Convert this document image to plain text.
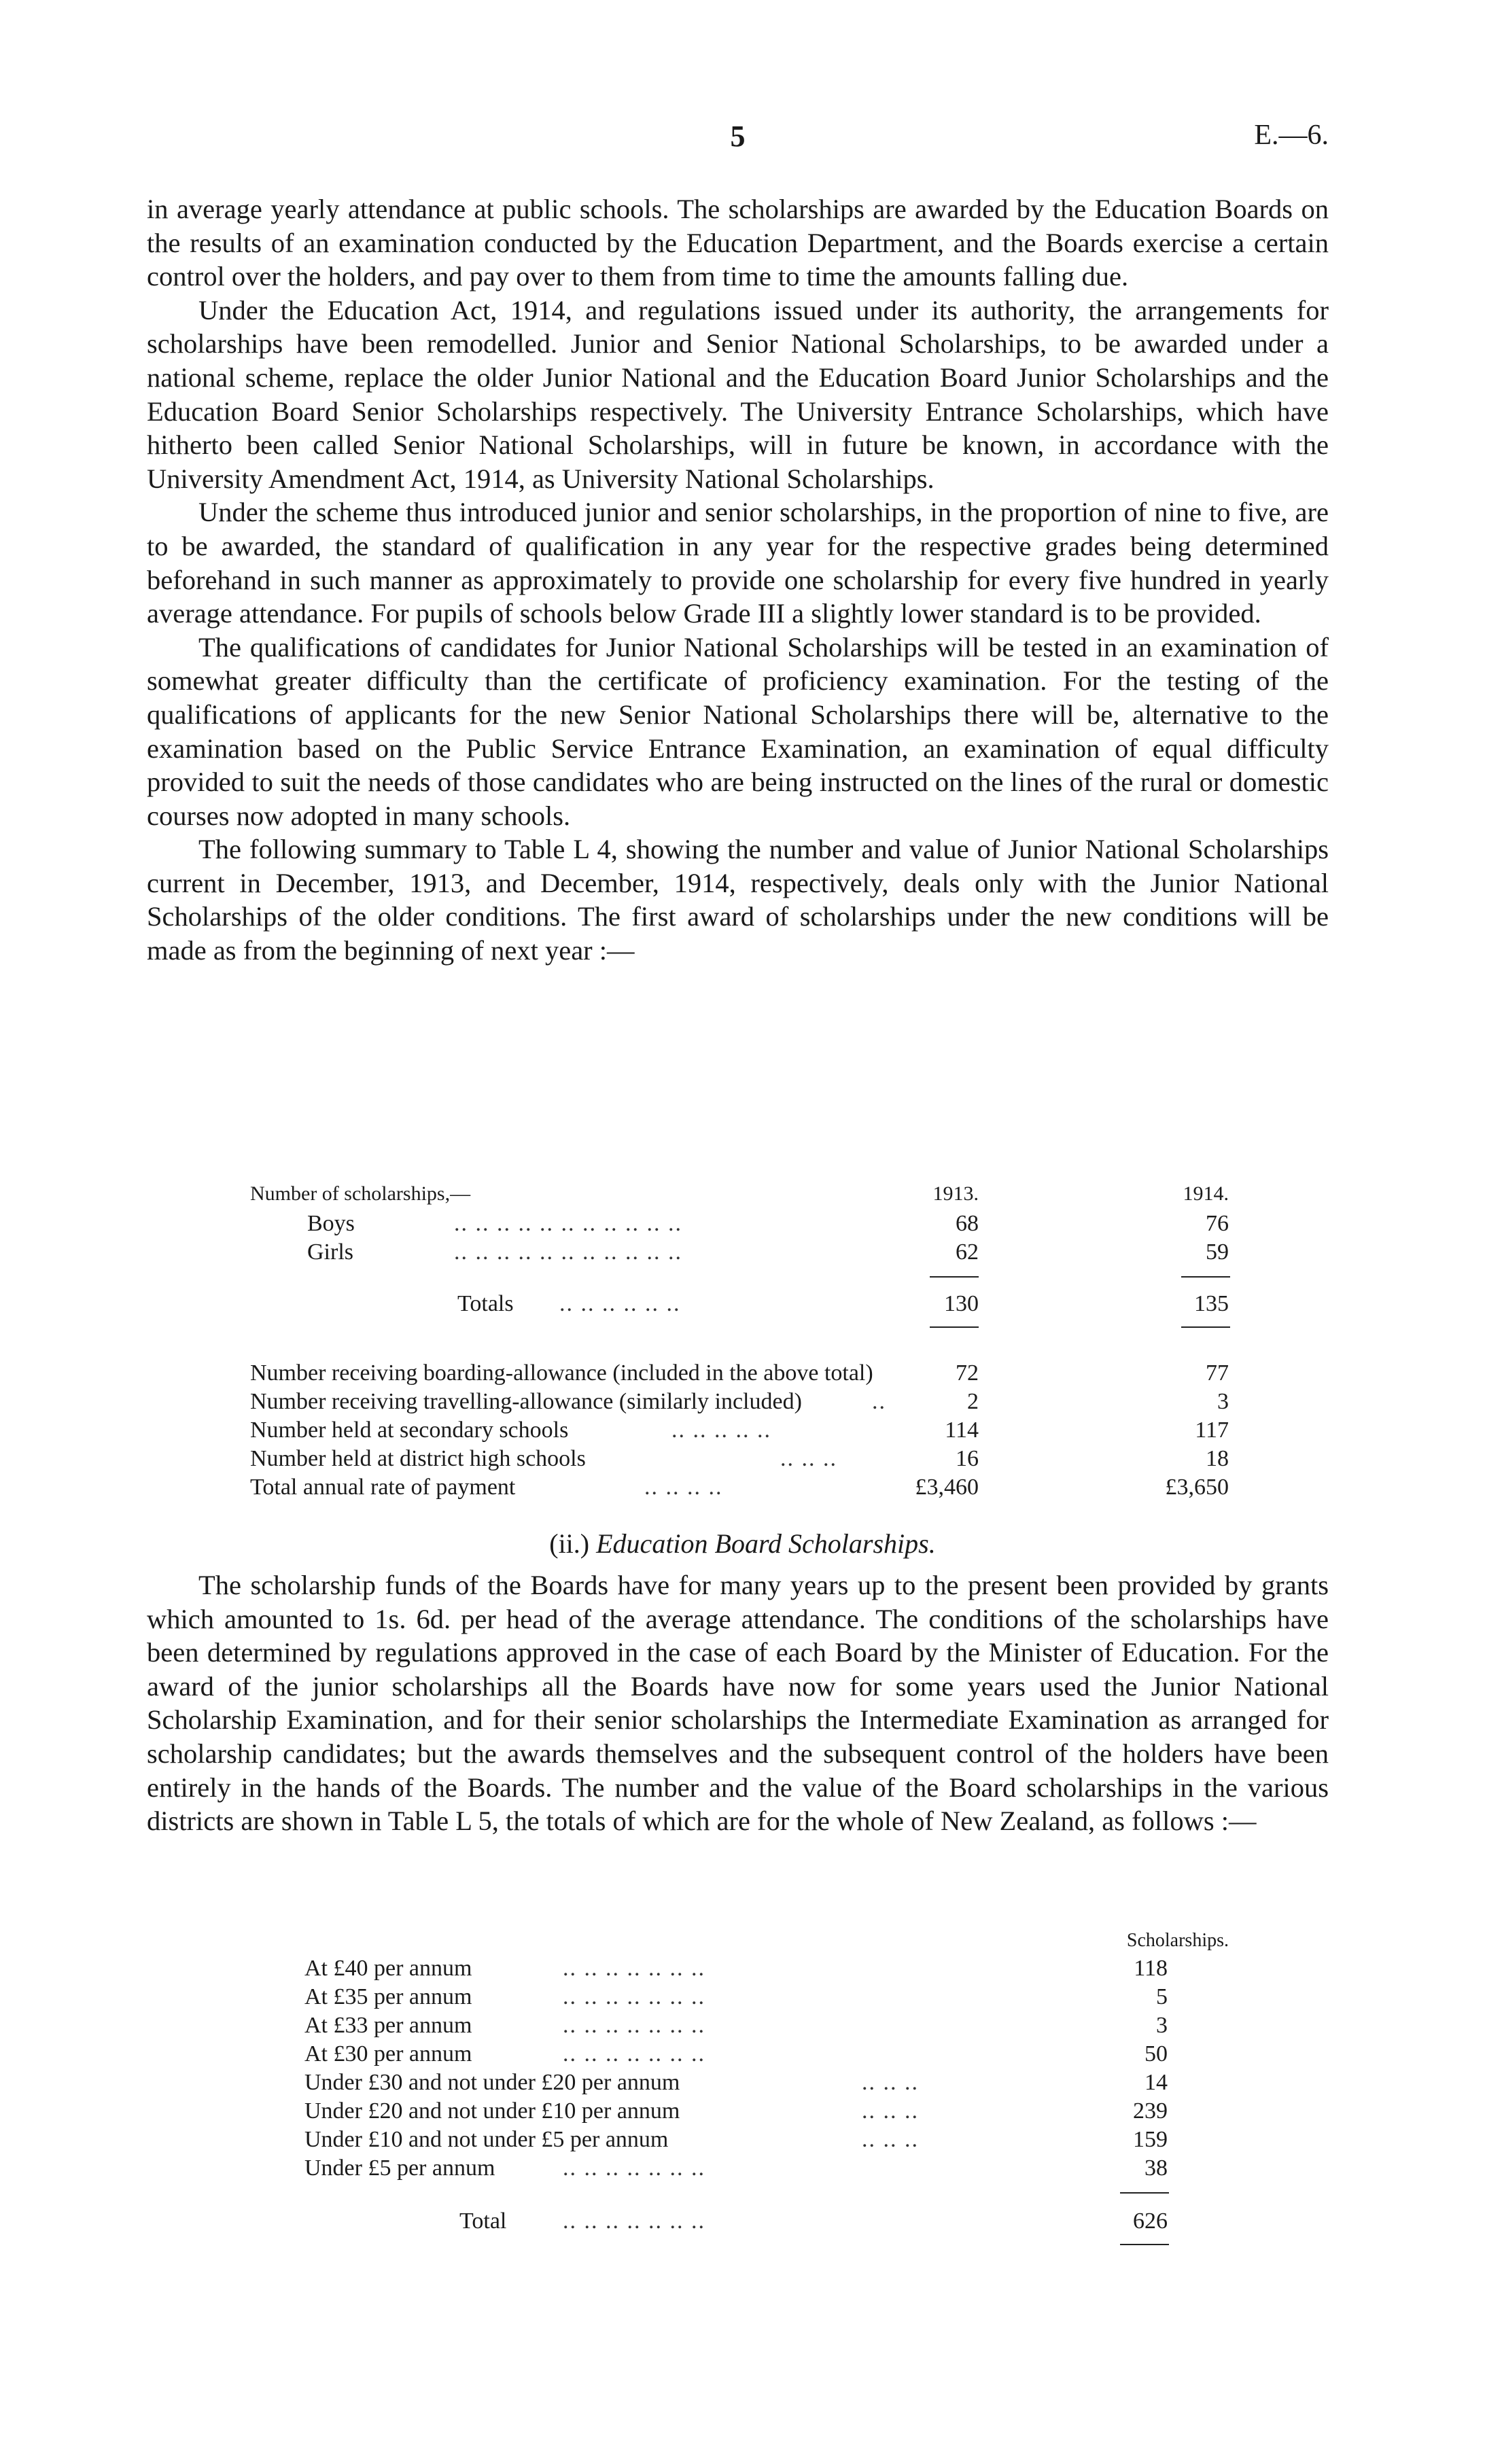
5	E.—6.

in average yearly attendance at public schools. The scholarships are awarded by the Education Boards on the results of an examination conducted by the Education Department, and the Boards exercise a certain control over the holders, and pay over to them from time to time the amounts falling due.

Under the Education Act, 1914, and regulations issued under its authority, the arrangements for scholarships have been remodelled. Junior and Senior National Scholarships, to be awarded under a national scheme, replace the older Junior National and the Education Board Junior Scholarships and the Education Board Senior Scholarships respectively. The University Entrance Scholarships, which have hitherto been called Senior National Scholarships, will in future be known, in accordance with the University Amendment Act, 1914, as University National Scholarships.

Under the scheme thus introduced junior and senior scholarships, in the proportion of nine to five, are to be awarded, the standard of qualification in any year for the respective grades being determined beforehand in such manner as approximately to provide one scholarship for every five hundred in yearly average attendance. For pupils of schools below Grade III a slightly lower standard is to be provided.

The qualifications of candidates for Junior National Scholarships will be tested in an examination of somewhat greater difficulty than the certificate of proficiency examination. For the testing of the qualifications of applicants for the new Senior National Scholarships there will be, alternative to the examination based on the Public Service Entrance Examination, an examination of equal difficulty provided to suit the needs of those candidates who are being instructed on the lines of the rural or domestic courses now adopted in many schools.

The following summary to Table L 4, showing the number and value of Junior National Scholarships current in December, 1913, and December, 1914, respectively, deals only with the Junior National Scholarships of the older conditions. The first award of scholarships under the new conditions will be made as from the beginning of next year :—

Number of scholarships,—	1913.	1914.
Boys	.. .. .. .. .. .. .. .. .. .. ..	68	76
Girls	.. .. .. .. .. .. .. .. .. .. ..	62	59
Totals .. .. .. .. .. ..	130	135
Number receiving boarding-allowance (included in the above total)	72	77
Number receiving travelling-allowance (similarly included)	..	2	3
Number held at secondary schools	.. .. .. .. ..	114	117
Number held at district high schools	.. .. ..	16	18
Total annual rate of payment	.. .. .. ..	£3,460	£3,650
(ii.) Education Board Scholarships.

The scholarship funds of the Boards have for many years up to the present been provided by grants which amounted to 1s. 6d. per head of the average attendance. The conditions of the scholarships have been determined by regulations approved in the case of each Board by the Minister of Education. For the award of the junior scholarships all the Boards have now for some years used the Junior National Scholarship Examination, and for their senior scholarships the Intermediate Examination as arranged for scholarship candidates; but the awards themselves and the subsequent control of the holders have been entirely in the hands of the Boards. The number and the value of the Board scholarships in the various districts are shown in Table L 5, the totals of which are for the whole of New Zealand, as follows :—

Scholarships.
At £40 per annum	.. .. .. .. .. .. ..	118
At £35 per annum	.. .. .. .. .. .. ..	5
At £33 per annum	.. .. .. .. .. .. ..	3
At £30 per annum	.. .. .. .. .. .. ..	50
Under £30 and not under £20 per annum	.. .. ..	14
Under £20 and not under £10 per annum	.. .. ..	239
Under £10 and not under £5 per annum	.. .. ..	159
Under £5 per annum	.. .. .. .. .. .. ..	38
Total .. .. .. .. .. .. ..	626
